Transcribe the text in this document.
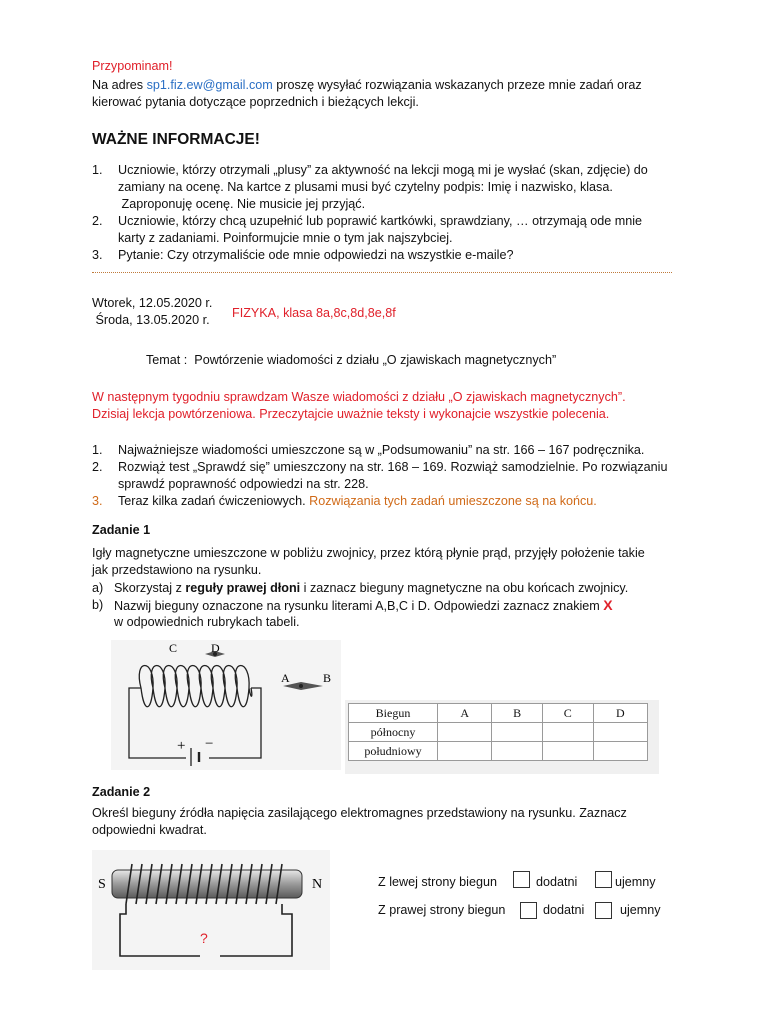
Przypominam!
Na adres sp1.fiz.ew@gmail.com proszę wysyłać rozwiązania wskazanych przeze mnie zadań oraz
kierować pytania dotyczące poprzednich i bieżących lekcji.
WAŻNE INFORMACJE!
1. Uczniowie, którzy otrzymali „plusy” za aktywność na lekcji mogą mi je wysłać (skan, zdjęcie) do
zamiany na ocenę. Na kartce z plusami musi być czytelny podpis: Imię i nazwisko, klasa.
Zaproponuję ocenę. Nie musicie jej przyjąć.
2. Uczniowie, którzy chcą uzupełnić lub poprawić kartkówki, sprawdziany, … otrzymają ode mnie
karty z zadaniami. Poinformujcie mnie o tym jak najszybciej.
3. Pytanie: Czy otrzymaliście ode mnie odpowiedzi na wszystkie e-maile?
Wtorek, 12.05.2020 r.
Środa, 13.05.2020 r. FIZYKA, klasa 8a,8c,8d,8e,8f
Temat :  Powtórzenie wiadomości z działu „O zjawiskach magnetycznych”
W następnym tygodniu sprawdzam Wasze wiadomości z działu „O zjawiskach magnetycznych”.
Dzisiaj lekcja powtórzeniowa. Przeczytajcie uważnie teksty i wykonajcie wszystkie polecenia.
1. Najważniejsze wiadomości umieszczone są w „Podsumowaniu” na str. 166 – 167 podręcznika.
2. Rozwiąż test „Sprawdź się” umieszczony na str. 168 – 169. Rozwiąż samodzielnie. Po rozwiązaniu
sprawdź poprawność odpowiedzi na str. 228.
3. Teraz kilka zadań ćwiczeniowych. Rozwiązania tych zadań umieszczone są na końcu.
Zadanie 1
Igły magnetyczne umieszczone w pobliżu zwojnicy, przez którą płynie prąd, przyjęły położenie takie
jak przedstawiono na rysunku.
a) Skorzystaj z reguły prawej dłoni i zaznacz bieguny magnetyczne na obu końcach zwojnicy.
b) Nazwij bieguny oznaczone na rysunku literami A,B,C i D. Odpowiedzi zaznacz znakiem X
w odpowiednich rubrykach tabeli.
C	D
A	B
+ −
Biegun	A	B	C	D
północny				
południowy				
Zadanie 2
Określ bieguny źródła napięcia zasilającego elektromagnes przedstawiony na rysunku. Zaznacz
odpowiedni kwadrat.
S	N
?
Z lewej strony biegun	dodatni	ujemny
Z prawej strony biegun	dodatni	ujemny
